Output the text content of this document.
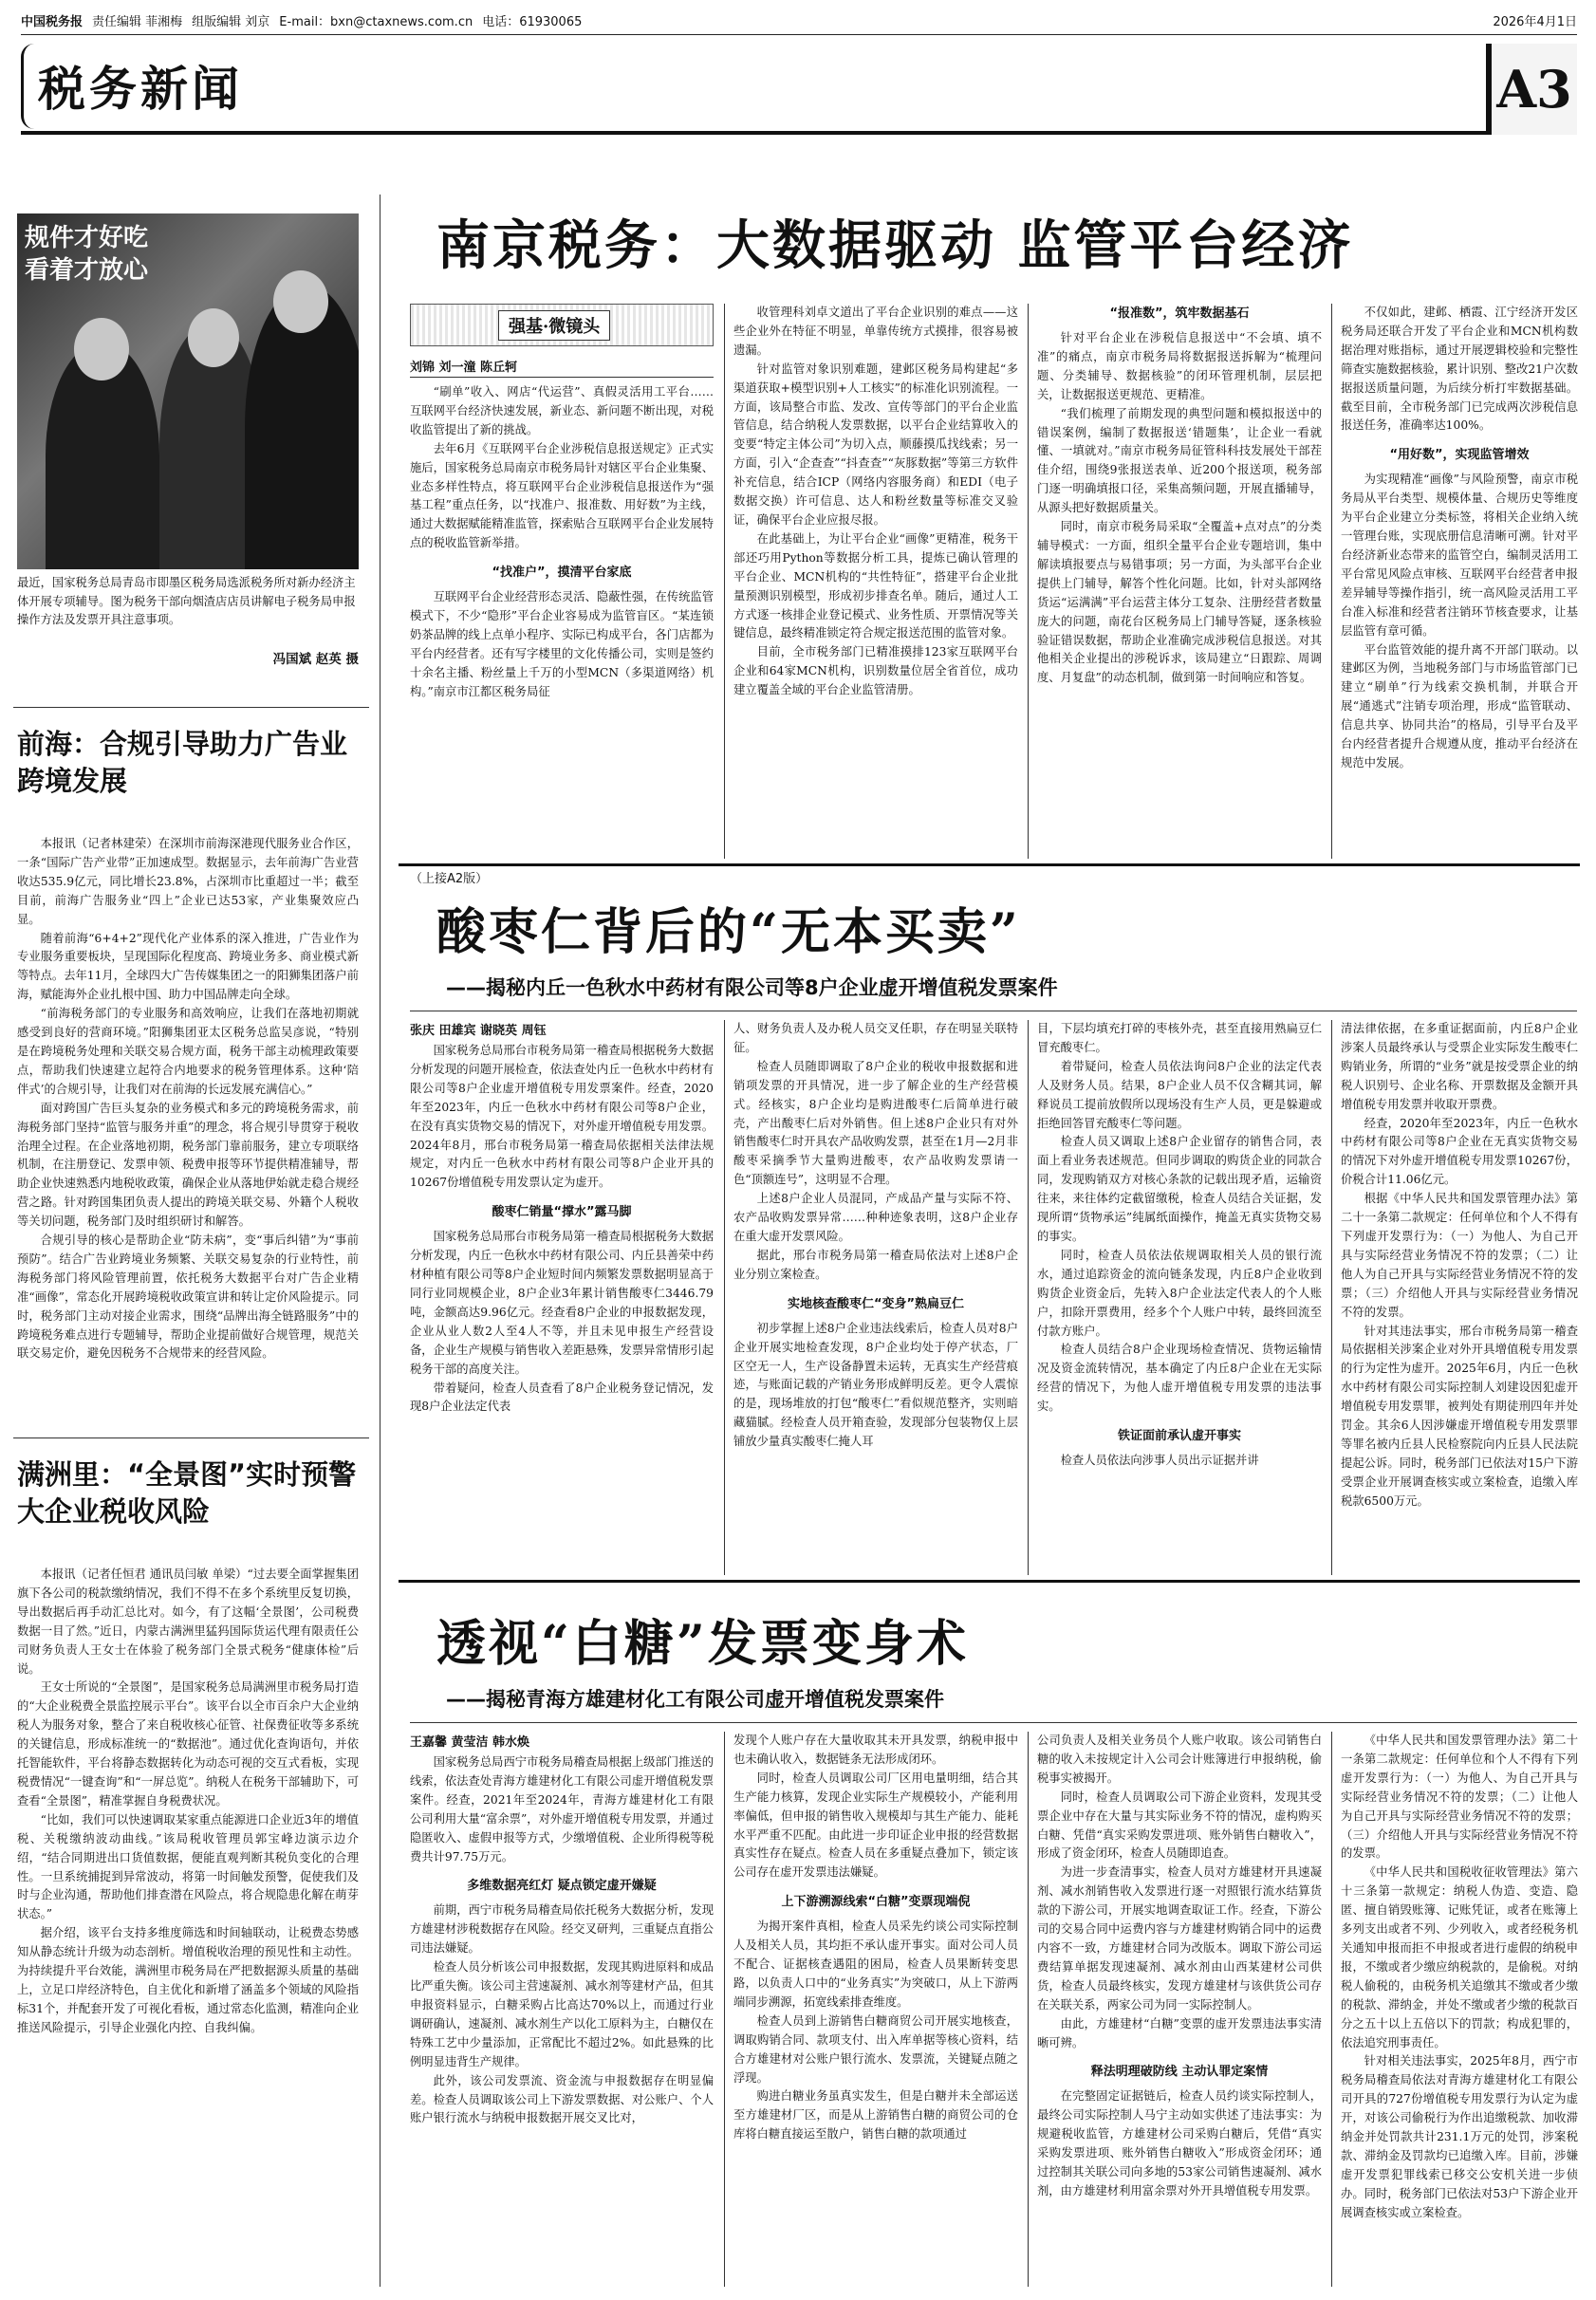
中国税务报 责任编辑 菲湘梅 组版编辑 刘京 E-mail：bxn@ctaxnews.com.cn 电话：61930065	2026年4月1日
税务新闻	A3
规件才好吃
看着才放心
最近，国家税务总局青岛市即墨区税务局选派税务所对新办经济主体开展专项辅导。图为税务干部向烟渣店店员讲解电子税务局申报操作方法及发票开具注意事项。
冯国斌 赵英 摄
前海：合规引导助力广告业跨境发展

本报讯（记者林建荣）在深圳市前海深港现代服务业合作区，一条“国际广告产业带”正加速成型。数据显示，去年前海广告业营收达535.9亿元，同比增长23.8%，占深圳市比重超过一半；截至目前，前海广告服务业“四上”企业已达53家，产业集聚效应凸显。

随着前海“6+4+2”现代化产业体系的深入推进，广告业作为专业服务重要板块，呈现国际化程度高、跨境业务多、商业模式新等特点。去年11月，全球四大广告传媒集团之一的阳狮集团落户前海，赋能海外企业扎根中国、助力中国品牌走向全球。

“前海税务部门的专业服务和高效响应，让我们在落地初期就感受到良好的营商环境。”阳狮集团亚太区税务总监吴彦说，“特别是在跨境税务处理和关联交易合规方面，税务干部主动梳理政策要点，帮助我们快速建立起符合内地要求的税务管理体系。这种‘陪伴式’的合规引导，让我们对在前海的长远发展充满信心。”

面对跨国广告巨头复杂的业务模式和多元的跨境税务需求，前海税务部门坚持“监管与服务并重”的理念，将合规引导贯穿于税收治理全过程。在企业落地初期，税务部门靠前服务，建立专项联络机制，在注册登记、发票申领、税费申报等环节提供精准辅导，帮助企业快速熟悉内地税收政策，确保企业从落地伊始就走稳合规经营之路。针对跨国集团负责人提出的跨境关联交易、外籍个人税收等关切问题，税务部门及时组织研讨和解答。

合规引导的核心是帮助企业“防未病”，变“事后纠错”为“事前预防”。结合广告业跨境业务频繁、关联交易复杂的行业特性，前海税务部门将风险管理前置，依托税务大数据平台对广告企业精准“画像”，常态化开展跨境税收政策宣讲和转让定价风险提示。同时，税务部门主动对接企业需求，围绕“品牌出海全链路服务”中的跨境税务难点进行专题辅导，帮助企业提前做好合规管理，规范关联交易定价，避免因税务不合规带来的经营风险。

满洲里：“全景图”实时预警大企业税收风险

本报讯（记者任恒君 通讯员闫敏 单梁）“过去要全面掌握集团旗下各公司的税款缴纳情况，我们不得不在多个系统里反复切换，导出数据后再手动汇总比对。如今，有了这幅‘全景图’，公司税费数据一目了然。”近日，内蒙古满洲里猛犸国际货运代理有限责任公司财务负责人王女士在体验了税务部门全景式税务“健康体检”后说。

王女士所说的“全景图”，是国家税务总局满洲里市税务局打造的“大企业税费全景监控展示平台”。该平台以全市百余户大企业纳税人为服务对象，整合了来自税收核心征管、社保费征收等多系统的关键信息，形成标准统一的“数据池”。通过优化查询语句，并依托智能软件，平台将静态数据转化为动态可视的交互式看板，实现税费情况“一键查询”和“一屏总览”。纳税人在税务干部辅助下，可查看“全景图”，精准掌握自身税费状况。

“比如，我们可以快速调取某家重点能源进口企业近3年的增值税、关税缴纳波动曲线。”该局税收管理员郭宝峰边演示边介绍，“结合同期进出口货值数据，便能直观判断其税负变化的合理性。一旦系统捕捉到异常波动，将第一时间触发预警，促使我们及时与企业沟通，帮助他们排查潜在风险点，将合规隐患化解在萌芽状态。”

据介绍，该平台支持多维度筛选和时间轴联动，让税费态势感知从静态统计升级为动态剖析。增值税收治理的预见性和主动性。为持续提升平台效能，满洲里市税务局在严把数据源头质量的基础上，立足口岸经济特色，自主优化和新增了涵盖多个领域的风险指标31个，并配套开发了可视化看板，通过常态化监测，精准向企业推送风险提示，引导企业强化内控、自我纠偏。

南京税务：大数据驱动 监管平台经济
强基·微镜头
刘锦 刘一潼 陈丘轲

“刷单”收入、网店“代运营”、真假灵活用工平台……互联网平台经济快速发展，新业态、新问题不断出现，对税收监管提出了新的挑战。

去年6月《互联网平台企业涉税信息报送规定》正式实施后，国家税务总局南京市税务局针对辖区平台企业集聚、业态多样性特点，将互联网平台企业涉税信息报送作为“强基工程”重点任务，以“找准户、报准数、用好数”为主线，通过大数据赋能精准监管，探索贴合互联网平台企业发展特点的税收监管新举措。

“找准户”，摸清平台家底

互联网平台企业经营形态灵活、隐蔽性强，在传统监管模式下，不少“隐形”平台企业容易成为监管盲区。“某连锁奶茶品牌的线上点单小程序、实际已构成平台，各门店都为平台内经营者。还有写字楼里的文化传播公司，实则是签约十余名主播、粉丝量上千万的小型MCN（多渠道网络）机构。”南京市江都区税务局征

收管理科刘卓文道出了平台企业识别的难点——这些企业外在特征不明显，单靠传统方式摸排，很容易被遗漏。

针对监管对象识别难题，建邺区税务局构建起“多渠道获取+模型识别+人工核实”的标准化识别流程。一方面，该局整合市监、发改、宣传等部门的平台企业监管信息，结合纳税人发票数据，以平台企业结算收入的变要“特定主体公司”为切入点，顺藤摸瓜找线索；另一方面，引入“企查查”“抖查查”“灰豚数据”等第三方软件补充信息，结合ICP（网络内容服务商）和EDI（电子数据交换）许可信息、达人和粉丝数量等标准交叉验证，确保平台企业应报尽报。

在此基础上，为让平台企业“画像”更精准，税务干部还巧用Python等数据分析工具，提炼已确认管理的平台企业、MCN机构的“共性特征”，搭建平台企业批量预测识别模型，形成初步排查名单。随后，通过人工方式逐一核排企业登记模式、业务性质、开票情况等关键信息，最终精准锁定符合规定报送范围的监管对象。

目前，全市税务部门已精准摸排123家互联网平台企业和64家MCN机构，识别数量位居全省首位，成功建立覆盖全域的平台企业监管清册。

“报准数”，筑牢数据基石

针对平台企业在涉税信息报送中“不会填、填不准”的痛点，南京市税务局将数据报送拆解为“梳理问题、分类辅导、数据核验”的闭环管理机制，层层把关，让数据报送更规范、更精准。

“我们梳理了前期发现的典型问题和模拟报送中的错误案例，编制了数据报送‘错题集’，让企业一看就懂、一填就对。”南京市税务局征管科科技发展处干部茬佳介绍，围绕9张报送表单、近200个报送项，税务部门逐一明确填报口径，采集高频问题，开展直播辅导，从源头把好数据质量关。

同时，南京市税务局采取“全覆盖+点对点”的分类辅导模式：一方面，组织全量平台企业专题培训，集中解读填报要点与易错事项；另一方面，为头部平台企业提供上门辅导，解答个性化问题。比如，针对头部网络货运“运满满”平台运营主体分工复杂、注册经营者数量庞大的问题，南花台区税务局上门辅导答疑，逐条核验验证错误数据，帮助企业准确完成涉税信息报送。对其他相关企业提出的涉税诉求，该局建立“日跟踪、周调度、月复盘”的动态机制，做到第一时间响应和答复。

不仅如此，建邺、栖霞、江宁经济开发区税务局还联合开发了平台企业和MCN机构数据治理对账指标，通过开展逻辑校验和完整性筛查实施数据核验，累计识别、整改21户次数据报送质量问题，为后续分析打牢数据基础。截至目前，全市税务部门已完成两次涉税信息报送任务，准确率达100%。

“用好数”，实现监管增效

为实现精准“画像”与风险预警，南京市税务局从平台类型、规模体量、合规历史等维度为平台企业建立分类标签，将相关企业纳入统一管理台账，实现底册信息清晰可溯。针对平台经济新业态带来的监管空白，编制灵活用工平台常见风险点审核、互联网平台经营者申报差异辅导等操作指引，统一高风险灵活用工平台准入标准和经营者注销环节核查要求，让基层监管有章可循。

平台监管效能的提升离不开部门联动。以建邺区为例，当地税务部门与市场监管部门已建立“刷单”行为线索交换机制，并联合开展“通逃式”注销专项治理，形成“监管联动、信息共享、协同共治”的格局，引导平台及平台内经营者提升合规遵从度，推动平台经济在规范中发展。

（上接A2版）
酸枣仁背后的“无本买卖”
——揭秘内丘一色秋水中药材有限公司等8户企业虚开增值税发票案件
张庆 田雄宾 谢晓英 周钰

国家税务总局邢台市税务局第一稽查局根据税务大数据分析发现的问题开展检查，依法查处内丘一色秋水中药材有限公司等8户企业虚开增值税专用发票案件。经查，2020年至2023年，内丘一色秋水中药材有限公司等8户企业，在没有真实货物交易的情况下，对外虚开增值税专用发票。2024年8月，邢台市税务局第一稽查局依据相关法律法规规定，对内丘一色秋水中药材有限公司等8户企业开具的10267份增值税专用发票认定为虚开。

酸枣仁销量“撑水”露马脚

国家税务总局邢台市税务局第一稽查局根据税务大数据分析发现，内丘一色秋水中药材有限公司、内丘县善荣中药材种植有限公司等8户企业短时间内频繁发票数据明显高于同行业同规模企业，8户企业3年累计销售酸枣仁3446.79吨，金额高达9.96亿元。经查看8户企业的申报数据发现，企业从业人数2人至4人不等，并且未见申报生产经营设备，企业生产规模与销售收入差距悬殊，发票异常情形引起税务干部的高度关注。

带着疑问，检查人员查看了8户企业税务登记情况，发现8户企业法定代表

人、财务负责人及办税人员交叉任职，存在明显关联特征。

检查人员随即调取了8户企业的税收申报数据和进销项发票的开具情况，进一步了解企业的生产经营模式。经核实，8户企业均是购进酸枣仁后简单进行破壳，产出酸枣仁后对外销售。但上述8户企业只有对外销售酸枣仁时开具农产品收购发票，甚至在1月—2月非酸枣采摘季节大量购进酸枣，农产品收购发票请一色“顶额连号”，这明显不合理。

上述8户企业人员混同，产成品产量与实际不符、农产品收购发票异常……种种迹象表明，这8户企业存在重大虚开发票风险。

据此，邢台市税务局第一稽查局依法对上述8户企业分别立案检查。

实地核查酸枣仁“变身”熟扁豆仁

初步掌握上述8户企业违法线索后，检查人员对8户企业开展实地检查发现，8户企业均处于停产状态，厂区空无一人，生产设备静置未运转，无真实生产经营痕迹，与账面记载的产销业务形成鲜明反差。更令人震惊的是，现场堆放的打包“酸枣仁”看似规范整齐，实则暗藏猫腻。经检查人员开箱查验，发现部分包装物仅上层铺放少量真实酸枣仁掩人耳

目，下层均填充打碎的枣核外壳，甚至直接用熟扁豆仁冒充酸枣仁。

着带疑问，检查人员依法询问8户企业的法定代表人及财务人员。结果，8户企业人员不仅含糊其词，解释说员工提前放假所以现场没有生产人员，更是躲避或拒绝回答冒充酸枣仁等问题。

检查人员又调取上述8户企业留存的销售合同，表面上看业务表述规范。但同步调取的购货企业的同款合同，发现购销双方对核心条款的记载出现矛盾，运输资往来，来往体约定截留缴税，检查人员结合关证据，发现所谓“货物承运”纯属纸面操作，掩盖无真实货物交易的事实。

同时，检查人员依法依规调取相关人员的银行流水，通过追踪资金的流向链条发现，内丘8户企业收到购货企业资金后，先转入8户企业法定代表人的个人账户，扣除开票费用，经多个个人账户中转，最终回流至付款方账户。

检查人员结合8户企业现场检查情况、货物运输情况及资金流转情况，基本确定了内丘8户企业在无实际经营的情况下，为他人虚开增值税专用发票的违法事实。

铁证面前承认虚开事实

检查人员依法向涉事人员出示证据并讲

清法律依据，在多重证据面前，内丘8户企业涉案人员最终承认与受票企业实际发生酸枣仁购销业务，所谓的“业务”就是按受票企业的纳税人识别号、企业名称、开票数据及金额开具增值税专用发票并收取开票费。

经查，2020年至2023年，内丘一色秋水中药材有限公司等8户企业在无真实货物交易的情况下对外虚开增值税专用发票10267份，价税合计11.06亿元。

根据《中华人民共和国发票管理办法》第二十一条第二款规定：任何单位和个人不得有下列虚开发票行为：（一）为他人、为自己开具与实际经营业务情况不符的发票；（二）让他人为自己开具与实际经营业务情况不符的发票；（三）介绍他人开具与实际经营业务情况不符的发票。

针对其违法事实，邢台市税务局第一稽查局依据相关涉案企业对外开具增值税专用发票的行为定性为虚开。2025年6月，内丘一色秋水中药材有限公司实际控制人刘建设因犯虚开增值税专用发票罪，被判处有期徒刑四年并处罚金。其余6人因涉嫌虚开增值税专用发票罪等罪名被内丘县人民检察院向内丘县人民法院提起公诉。同时，税务部门已依法对15户下游受票企业开展调查核实或立案检查，追缴入库税款6500万元。

透视“白糖”发票变身术
——揭秘青海方雄建材化工有限公司虚开增值税发票案件
王嘉馨 黄莹洁 韩水焕

国家税务总局西宁市税务局稽查局根据上级部门推送的线索，依法查处青海方雄建材化工有限公司虚开增值税发票案件。经查，2021年至2024年，青海方雄建材化工有限公司利用大量“富余票”，对外虚开增值税专用发票，并通过隐匿收入、虚假申报等方式，少缴增值税、企业所得税等税费共计97.75万元。

多维数据亮红灯 疑点锁定虚开嫌疑

前期，西宁市税务局稽查局依托税务大数据分析，发现方雄建材涉税数据存在风险。经交叉研判，三重疑点直指公司违法嫌疑。

检查人员分析该公司申报数据，发现其购进原料和成品比严重失衡。该公司主营速凝剂、减水剂等建材产品，但其申报资料显示，白糖采购占比高达70%以上，而通过行业调研确认，速凝剂、减水剂生产以化工原料为主，白糖仅在特殊工艺中少量添加，正常配比不超过2%。如此悬殊的比例明显违背生产规律。

此外，该公司发票流、资金流与申报数据存在明显偏差。检查人员调取该公司上下游发票数据、对公账户、个人账户银行流水与纳税申报数据开展交叉比对，

发现个人账户存在大量收取其未开具发票，纳税申报中也未确认收入，数据链条无法形成闭环。

同时，检查人员调取公司厂区用电量明细，结合其生产能力核算，发现企业实际生产规模较小，产能利用率偏低，但申报的销售收入规模却与其生产能力、能耗水平严重不匹配。由此进一步印证企业申报的经营数据真实性存在疑点。检查人员在多重疑点叠加下，锁定该公司存在虚开发票违法嫌疑。

上下游溯源线索“白糖”变票现端倪

为揭开案件真相，检查人员采先约谈公司实际控制人及相关人员，其均拒不承认虚开事实。面对公司人员不配合、证据核查遇阻的困局，检查人员果断转变思路，以负责人口中的“业务真实”为突破口，从上下游两端同步溯源，拓宽线索排查维度。

检查人员到上游销售白糖商贸公司开展实地核查，调取购销合同、款项支付、出入库单据等核心资料，结合方雄建材对公账户银行流水、发票流，关键疑点随之浮现。

购进白糖业务虽真实发生，但是白糖并未全部运送至方雄建材厂区，而是从上游销售白糖的商贸公司的仓库将白糖直接运至散户，销售白糖的款项通过

公司负责人及相关业务员个人账户收取。该公司销售白糖的收入未按规定计入公司会计账簿进行申报纳税，偷税事实被揭开。

同时，检查人员调取公司下游企业资料，发现其受票企业中存在大量与其实际业务不符的情况，虚构购买白糖、凭借“真实采购发票进项、账外销售白糖收入”，形成了资金闭环，检查人员随即追查。

为进一步查清事实，检查人员对方雄建材开具速凝剂、减水剂销售收入发票进行逐一对照银行流水结算货款的下游公司，开展实地调查取证工作。经查，下游公司的交易合同中运费内容与方雄建材购销合同中的运费内容不一致，方雄建材合同为改版本。调取下游公司运费结算单据发现速凝剂、减水剂由山西某建材公司供货，检查人员最终核实，发现方雄建材与该供货公司存在关联关系，两家公司为同一实际控制人。

由此，方雄建材“白糖”变票的虚开发票违法事实清晰可辨。

释法明理破防线 主动认罪定案情

在完整固定证据链后，检查人员约谈实际控制人，最终公司实际控制人马宁主动如实供述了违法事实：为规避税收监管，方雄建材公司采购白糖后，凭借“真实采购发票进项、账外销售白糖收入”形成资金闭环；通过控制其关联公司向多地的53家公司销售速凝剂、减水剂，由方雄建材利用富余票对外开具增值税专用发票。

《中华人民共和国发票管理办法》第二十一条第二款规定：任何单位和个人不得有下列虚开发票行为：（一）为他人、为自己开具与实际经营业务情况不符的发票；（二）让他人为自己开具与实际经营业务情况不符的发票；（三）介绍他人开具与实际经营业务情况不符的发票。

《中华人民共和国税收征收管理法》第六十三条第一款规定：纳税人伪造、变造、隐匿、擅自销毁账簿、记账凭证，或者在账簿上多列支出或者不列、少列收入，或者经税务机关通知申报而拒不申报或者进行虚假的纳税申报，不缴或者少缴应纳税款的，是偷税。对纳税人偷税的，由税务机关追缴其不缴或者少缴的税款、滞纳金，并处不缴或者少缴的税款百分之五十以上五倍以下的罚款；构成犯罪的，依法追究刑事责任。

针对相关违法事实，2025年8月，西宁市税务局稽查局依法对青海方雄建材化工有限公司开具的727份增值税专用发票行为认定为虚开，对该公司偷税行为作出追缴税款、加收滞纳金并处罚款共计231.1万元的处罚，涉案税款、滞纳金及罚款均已追缴入库。目前，涉嫌虚开发票犯罪线索已移交公安机关进一步侦办。同时，税务部门已依法对53户下游企业开展调查核实或立案检查。
